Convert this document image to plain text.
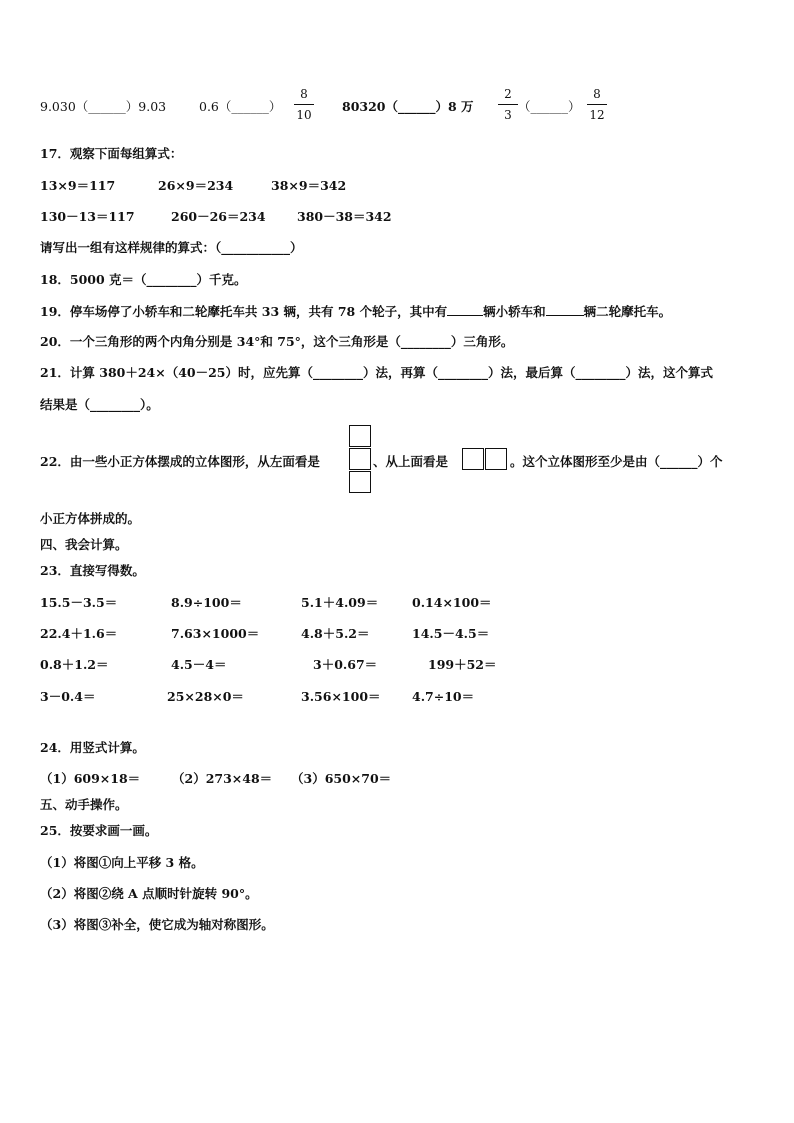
9.030（______）9.03	0.6（______）
8
10
80320（______）8 万
2
3
（______）
8
12
17．观察下面每组算式：
13×9＝117	26×9＝234	38×9＝342
130－13＝117	260－26＝234	380－38＝342
请写出一组有这样规律的算式：（___________）
18．5000 克＝（________）千克。
19．停车场停了小轿车和二轮摩托车共 33 辆，共有 78 个轮子，其中有	辆小轿车和	辆二轮摩托车。
20．一个三角形的两个内角分别是 34°和 75°，这个三角形是（________）三角形。
21．计算 380＋24×（40－25）时，应先算（________）法，再算（________）法，最后算（________）法，这个算式
结果是（________）。
22．由一些小正方体摆成的立体图形，从左面看是	、从上面看是	。这个立体图形至少是由（______）个
小正方体拼成的。
四、我会计算。
23．直接写得数。
15.5－3.5＝	8.9÷100＝	5.1＋4.09＝	0.14×100＝
22.4＋1.6＝	7.63×1000＝	4.8＋5.2＝	14.5－4.5＝
0.8＋1.2＝	4.5－4＝	3＋0.67＝	199＋52＝
3－0.4＝	25×28×0＝	3.56×100＝	4.7÷10＝
24．用竖式计算。
（1）609×18＝	（2）273×48＝ （3）650×70＝
五、动手操作。
25．按要求画一画。
（1）将图①向上平移 3 格。
（2）将图②绕 A 点顺时针旋转 90°。
（3）将图③补全，使它成为轴对称图形。
